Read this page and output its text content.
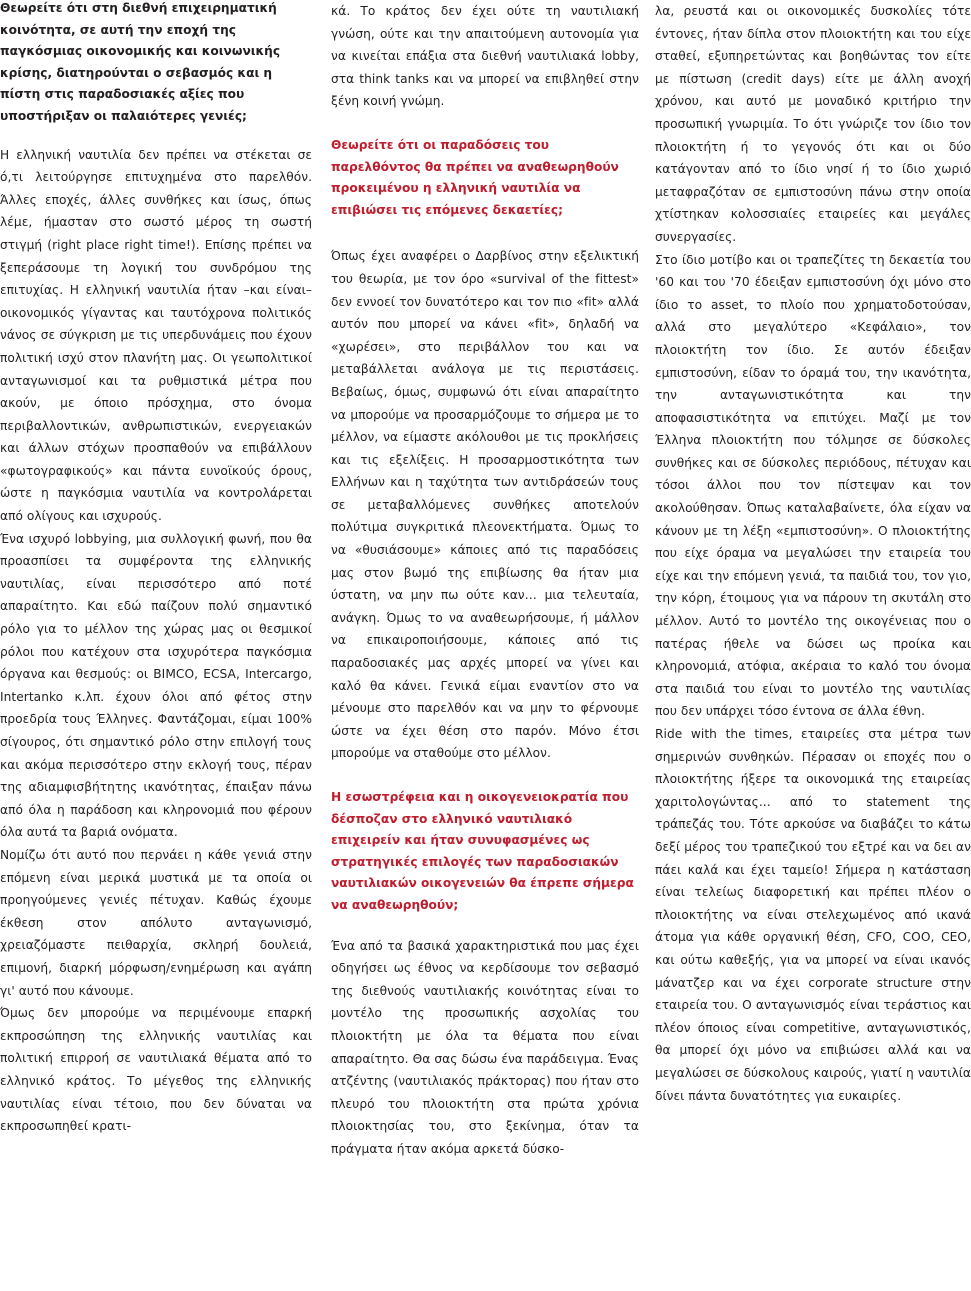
Θεωρείτε ότι στη διεθνή επιχειρηματική κοινότητα, σε αυτή την εποχή της παγκόσμιας οικονομικής και κοινωνικής κρίσης, διατηρούνται ο σεβασμός και η πίστη στις παραδοσιακές αξίες που υποστήριξαν οι παλαιότερες γενιές;

Η ελληνική ναυτιλία δεν πρέπει να στέκεται σε ό,τι λειτούργησε επιτυχημένα στο παρελθόν. Άλλες εποχές, άλλες συνθήκες και ίσως, όπως λέμε, ήμασταν στο σωστό μέρος τη σωστή στιγμή (right place right time!). Επίσης πρέπει να ξεπεράσουμε τη λογική του συνδρόμου της επιτυχίας. Η ελληνική ναυτιλία ήταν –και είναι– οικονομικός γίγαντας και ταυτόχρονα πολιτικός νάνος σε σύγκριση με τις υπερδυνάμεις που έχουν πολιτική ισχύ στον πλανήτη μας. Οι γεωπολιτικοί ανταγωνισμοί και τα ρυθμιστικά μέτρα που ακούν, με όποιο πρόσχημα, στο όνομα περιβαλλοντικών, ανθρωπιστικών, ενεργειακών και άλλων στόχων προσπαθούν να επιβάλλουν «φωτογραφικούς» και πάντα ευνοϊκούς όρους, ώστε η παγκόσμια ναυτιλία να κοντρολάρεται από ολίγους και ισχυρούς.

Ένα ισχυρό lobbying, μια συλλογική φωνή, που θα προασπίσει τα συμφέροντα της ελληνικής ναυτιλίας, είναι περισσότερο από ποτέ απαραίτητο. Και εδώ παίζουν πολύ σημαντικό ρόλο για το μέλλον της χώρας μας οι θεσμικοί ρόλοι που κατέχουν στα ισχυρότερα παγκόσμια όργανα και θεσμούς: οι BIMCO, ECSA, Intercargo, Intertanko κ.λπ. έχουν όλοι από φέτος στην προεδρία τους Έλληνες. Φαντάζομαι, είμαι 100% σίγουρος, ότι σημαντικό ρόλο στην επιλογή τους και ακόμα περισσότερο στην εκλογή τους, πέραν της αδιαμφισβήτητης ικανότητας, έπαιξαν πάνω από όλα η παράδοση και κληρονομιά που φέρουν όλα αυτά τα βαριά ονόματα.

Νομίζω ότι αυτό που περνάει η κάθε γενιά στην επόμενη είναι μερικά μυστικά με τα οποία οι προηγούμενες γενιές πέτυχαν. Καθώς έχουμε έκθεση στον απόλυτο ανταγωνισμό, χρειαζόμαστε πειθαρχία, σκληρή δουλειά, επιμονή, διαρκή μόρφωση/ενημέρωση και αγάπη γι' αυτό που κάνουμε.

Όμως δεν μπορούμε να περιμένουμε επαρκή εκπροσώπηση της ελληνικής ναυτιλίας και πολιτική επιρροή σε ναυτιλιακά θέματα από το ελληνικό κράτος. Το μέγεθος της ελληνικής ναυτιλίας είναι τέτοιο, που δεν δύναται να εκπροσωπηθεί κρατι-

κά. Το κράτος δεν έχει ούτε τη ναυτιλιακή γνώση, ούτε και την απαιτούμενη αυτονομία για να κινείται επάξια στα διεθνή ναυτιλιακά lobby, στα think tanks και να μπορεί να επιβληθεί στην ξένη κοινή γνώμη.

Θεωρείτε ότι οι παραδόσεις του παρελθόντος θα πρέπει να αναθεωρηθούν προκειμένου η ελληνική ναυτιλία να επιβιώσει τις επόμενες δεκαετίες;

Όπως έχει αναφέρει ο Δαρβίνος στην εξελικτική του θεωρία, με τον όρο «survival of the fittest» δεν εννοεί τον δυνατότερο και τον πιο «fit» αλλά αυτόν που μπορεί να κάνει «fit», δηλαδή να «χωρέσει», στο περιβάλλον του και να μεταβάλλεται ανάλογα με τις περιστάσεις. Βεβαίως, όμως, συμφωνώ ότι είναι απαραίτητο να μπορούμε να προσαρμόζουμε το σήμερα με το μέλλον, να είμαστε ακόλουθοι με τις προκλήσεις και τις εξελίξεις. Η προσαρμοστικότητα των Ελλήνων και η ταχύτητα των αντιδράσεών τους σε μεταβαλλόμενες συνθήκες αποτελούν πολύτιμα συγκριτικά πλεονεκτήματα. Όμως το να «θυσιάσουμε» κάποιες από τις παραδόσεις μας στον βωμό της επιβίωσης θα ήταν μια ύστατη, να μην πω ούτε καν… μια τελευταία, ανάγκη. Όμως το να αναθεωρήσουμε, ή μάλλον να επικαιροποιήσουμε, κάποιες από τις παραδοσιακές μας αρχές μπορεί να γίνει και καλό θα κάνει. Γενικά είμαι εναντίον στο να μένουμε στο παρελθόν και να μην το φέρνουμε ώστε να έχει θέση στο παρόν. Μόνο έτσι μπορούμε να σταθούμε στο μέλλον.

Η εσωστρέφεια και η οικογενειοκρατία που δέσποζαν στο ελληνικό ναυτιλιακό επιχειρείν και ήταν συνυφασμένες ως στρατηγικές επιλογές των παραδοσιακών ναυτιλιακών οικογενειών θα έπρεπε σήμερα να αναθεωρηθούν;

Ένα από τα βασικά χαρακτηριστικά που μας έχει οδηγήσει ως έθνος να κερδίσουμε τον σεβασμό της διεθνούς ναυτιλιακής κοινότητας είναι το μοντέλο της προσωπικής ασχολίας του πλοιοκτήτη με όλα τα θέματα που είναι απαραίτητο. Θα σας δώσω ένα παράδειγμα. Ένας ατζέντης (ναυτιλιακός πράκτορας) που ήταν στο πλευρό του πλοιοκτήτη στα πρώτα χρόνια πλοιοκτησίας του, στο ξεκίνημα, όταν τα πράγματα ήταν ακόμα αρκετά δύσκο-

λα, ρευστά και οι οικονομικές δυσκολίες τότε έντονες, ήταν δίπλα στον πλοιοκτήτη και του είχε σταθεί, εξυπηρετώντας και βοηθώντας τον είτε με πίστωση (credit days) είτε με άλλη ανοχή χρόνου, και αυτό με μοναδικό κριτήριο την προσωπική γνωριμία. Το ότι γνώριζε τον ίδιο τον πλοιοκτήτη ή το γεγονός ότι και οι δύο κατάγονταν από το ίδιο νησί ή το ίδιο χωριό μεταφραζόταν σε εμπιστοσύνη πάνω στην οποία χτίστηκαν κολοσσιαίες εταιρείες και μεγάλες συνεργασίες.

Στο ίδιο μοτίβο και οι τραπεζίτες τη δεκαετία του '60 και του '70 έδειξαν εμπιστοσύνη όχι μόνο στο ίδιο το asset, το πλοίο που χρηματοδοτούσαν, αλλά στο μεγαλύτερο «Κεφάλαιο», τον πλοιοκτήτη τον ίδιο. Σε αυτόν έδειξαν εμπιστοσύνη, είδαν το όραμά του, την ικανότητα, την ανταγωνιστικότητα και την αποφασιστικότητα να επιτύχει. Μαζί με τον Έλληνα πλοιοκτήτη που τόλμησε σε δύσκολες συνθήκες και σε δύσκολες περιόδους, πέτυχαν και τόσοι άλλοι που τον πίστεψαν και τον ακολούθησαν. Όπως καταλαβαίνετε, όλα είχαν να κάνουν με τη λέξη «εμπιστοσύνη». Ο πλοιοκτήτης που είχε όραμα να μεγαλώσει την εταιρεία του είχε και την επόμενη γενιά, τα παιδιά του, τον γιο, την κόρη, έτοιμους για να πάρουν τη σκυτάλη στο μέλλον. Αυτό το μοντέλο της οικογένειας που ο πατέρας ήθελε να δώσει ως προίκα και κληρονομιά, ατόφια, ακέραια το καλό του όνομα στα παιδιά του είναι το μοντέλο της ναυτιλίας που δεν υπάρχει τόσο έντονα σε άλλα έθνη.

Ride with the times, εταιρείες στα μέτρα των σημερινών συνθηκών. Πέρασαν οι εποχές που ο πλοιοκτήτης ήξερε τα οικονομικά της εταιρείας χαριτολογώντας... από το statement της τράπεζάς του. Τότε αρκούσε να διαβάζει το κάτω δεξί μέρος του τραπεζικού του εξτρέ και να δει αν πάει καλά και έχει ταμείο! Σήμερα η κατάσταση είναι τελείως διαφορετική και πρέπει πλέον ο πλοιοκτήτης να είναι στελεχωμένος από ικανά άτομα για κάθε οργανική θέση, CFO, COO, CEO, και ούτω καθεξής, για να μπορεί να είναι ικανός μάνατζερ και να έχει corporate structure στην εταιρεία του. Ο ανταγωνισμός είναι τεράστιος και πλέον όποιος είναι competitive, ανταγωνιστικός, θα μπορεί όχι μόνο να επιβιώσει αλλά και να μεγαλώσει σε δύσκολους καιρούς, γιατί η ναυτιλία δίνει πάντα δυνατότητες για ευκαιρίες.
